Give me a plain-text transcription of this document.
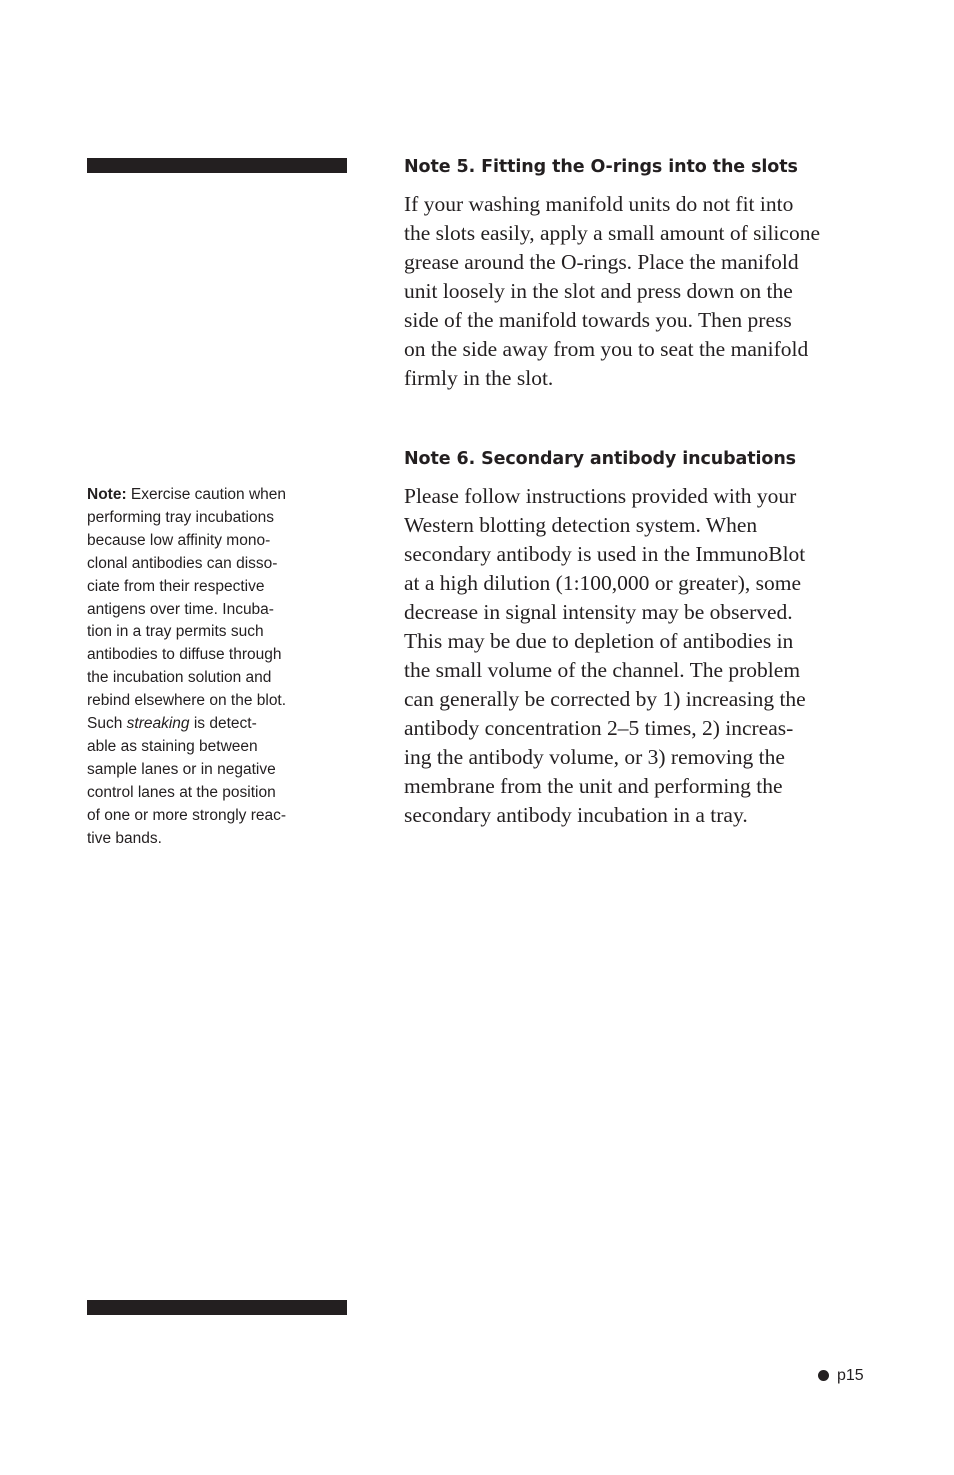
Note 5. Fitting the O-rings into the slots
If your washing manifold units do not fit into
the slots easily, apply a small amount of silicone
grease around the O-rings. Place the manifold
unit loosely in the slot and press down on the
side of the manifold towards you. Then press
on the side away from you to seat the manifold
firmly in the slot.
Note 6. Secondary antibody incubations
Please follow instructions provided with your
Western blotting detection system. When
secondary antibody is used in the ImmunoBlot
at a high dilution (1:100,000 or greater), some
decrease in signal intensity may be observed.
This may be due to depletion of antibodies in
the small volume of the channel. The problem
can generally be corrected by 1) increasing the
antibody concentration 2–5 times, 2) increas-
ing the antibody volume, or 3) removing the
membrane from the unit and performing the
secondary antibody incubation in a tray.
Note: Exercise caution when
performing tray incubations
because low affinity mono-
clonal antibodies can disso-
ciate from their respective
antigens over time. Incuba-
tion in a tray permits such
antibodies to diffuse through
the incubation solution and
rebind elsewhere on the blot.
Such streaking is detect-
able as staining between
sample lanes or in negative
control lanes at the position
of one or more strongly reac-
tive bands.
p15
